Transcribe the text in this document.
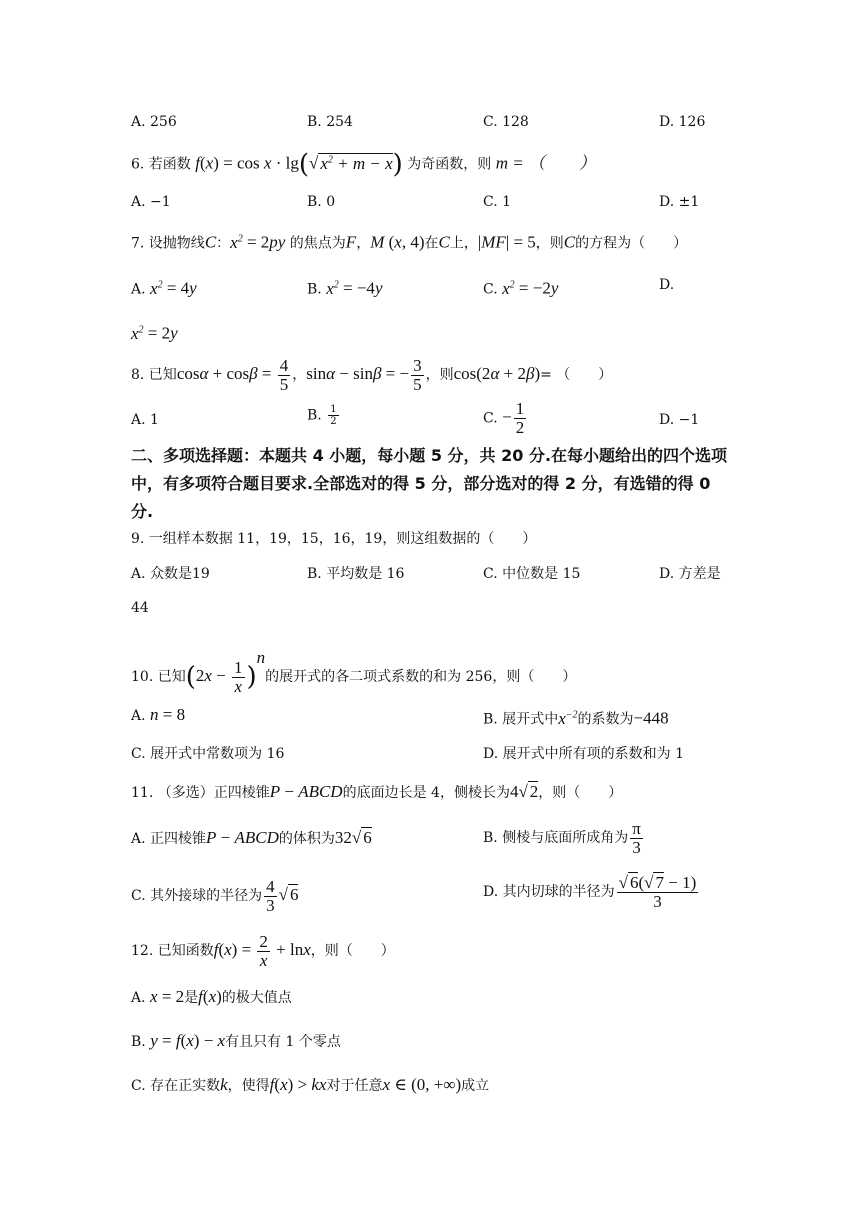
A. 256	B. 254	C. 128	D. 126
6. 若函数 f(x) = cos x · lg(√ $x^2 + m - x$) 为奇函数，则 m = （　　）
A. −1	B. 0	C. 1	D. ±1
7. 设抛物线C：$x^2 = 2py$ 的焦点为F，M (x, 4)在C上，|MF| = 5，则C的方程为（　　）
A. $x^2 = 4y$	B. $x^2 = -4y$	C. $x^2 = -2y$	D.
$x^2 = 2y$
8. 已知$\cos\alpha + \cos\beta = \frac{4}{5}$ ，sinα − sinβ = − $\frac{3}{5}$ ，则cos(2α + 2β)= （　　）
A. 1	B. $\frac{1}{2}$	C. − $\frac{1}{2}$	D. −1
二、多项选择题：本题共 4 小题，每小题 5 分，共 20 分.在每小题给出的四个选项中，有多项符合题目要求.全部选对的得 5 分，部分选对的得 2 分，有选错的得 0 分.
9. 一组样本数据 11，19，15，16，19，则这组数据的（　　）
A. 众数是19	B. 平均数是 16	C. 中位数是 15	D. 方差是
44
10. 已知$(2x - \frac{1}{x} )^n$的展开式的各二项式系数的和为 256，则（　　）
A. n = 8	B. 展开式中$x^{-2}$的系数为−448
C. 展开式中常数项为 16	D. 展开式中所有项的系数和为 1
11. （多选）正四棱锥P − ABCD的底面边长是 4，侧棱长为4√ 2，则（　　）
A. 正四棱锥P − ABCD的体积为32√ 6	B. 侧棱与底面所成角为 $\frac{\pi}{3}$
C. 其外接球的半径为 $\frac{4}{3}$ √ 6	D. 其内切球的半径为 $\frac{√ 6(√ 7 - 1)}{3}$
12. 已知函数$f(x) = \frac{2}{x} + \ln x$，则（　　）
A. x = 2是f(x)的极大值点
B. y = f(x) − x有且只有 1 个零点
C. 存在正实数k，使得f(x) > kx对于任意x ∈ (0, +∞)成立
